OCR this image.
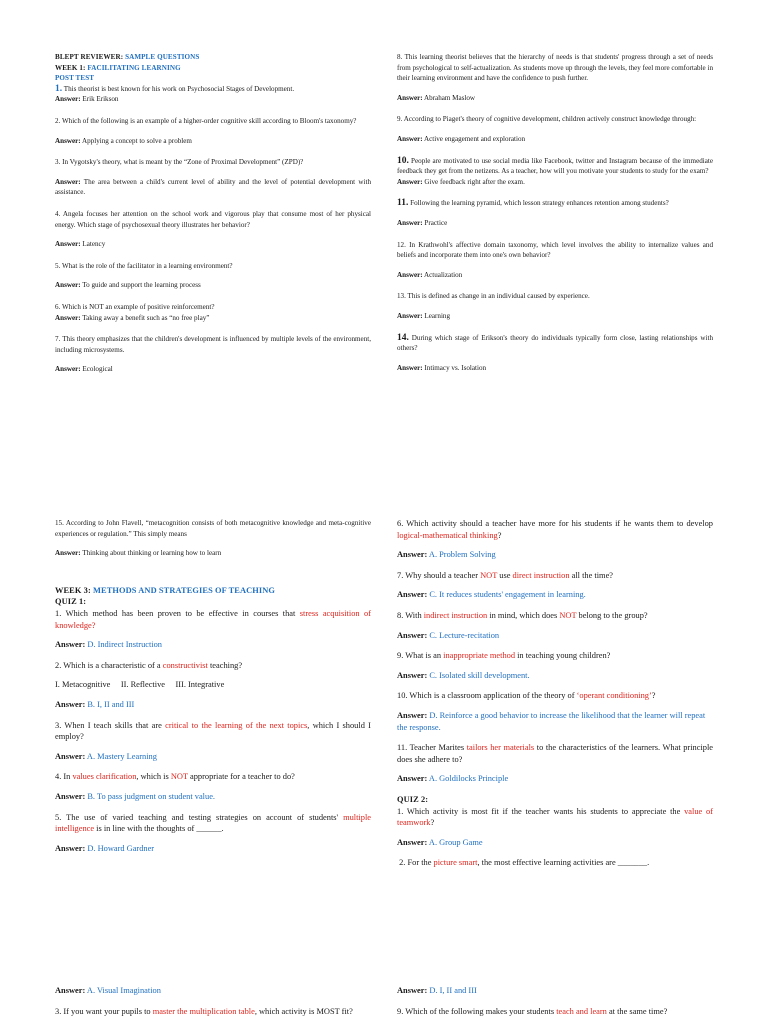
BLEPT REVIEWER: SAMPLE QUESTIONS

WEEK 1: FACILITATING LEARNING

POST TEST

1. This theorist is best known for his work on Psychosocial Stages of Development.

Answer: Erik Erikson

2. Which of the following is an example of a higher-order cognitive skill according to Bloom's taxonomy?

Answer: Applying a concept to solve a problem

3. In Vygotsky's theory, what is meant by the “Zone of Proximal Development” (ZPD)?

Answer: The area between a child's current level of ability and the level of potential development with assistance.

4. Angela focuses her attention on the school work and vigorous play that consume most of her physical energy. Which stage of psychosexual theory illustrates her behavior?

Answer: Latency

5. What is the role of the facilitator in a learning environment?

Answer: To guide and support the learning process

6. Which is NOT an example of positive reinforcement?

Answer: Taking away a benefit such as “no free play”

7. This theory emphasizes that the children's development is influenced by multiple levels of the environment, including microsystems.

Answer: Ecological

8. This learning theorist believes that the hierarchy of needs is that students' progress through a set of needs from psychological to self-actualization. As students move up through the levels, they feel more comfortable in their learning environment and have the confidence to push further.

Answer: Abraham Maslow

9. According to Piaget's theory of cognitive development, children actively construct knowledge through:

Answer: Active engagement and exploration

10. People are motivated to use social media like Facebook, twitter and Instagram because of the immediate feedback they get from the netizens. As a teacher, how will you motivate your students to study for the exam?

Answer: Give feedback right after the exam.

11. Following the learning pyramid, which lesson strategy enhances retention among students?

Answer: Practice

12. In Krathwohl's affective domain taxonomy, which level involves the ability to internalize values and beliefs and incorporate them into one's own behavior?

Answer: Actualization

13. This is defined as change in an individual caused by experience.

Answer: Learning

14. During which stage of Erikson's theory do individuals typically form close, lasting relationships with others?

Answer: Intimacy vs. Isolation

15. According to John Flavell, “metacognition consists of both metacognitive knowledge and meta-cognitive experiences or regulation.” This simply means

Answer: Thinking about thinking or learning how to learn

WEEK 3: METHODS AND STRATEGIES OF TEACHING

QUIZ 1:

1. Which method has been proven to be effective in courses that stress acquisition of knowledge?

Answer: D. Indirect Instruction

2. Which is a characteristic of a constructivist teaching?

I. Metacognitive     II. Reflective     III. Integrative

Answer: B. I, II and III

3. When I teach skills that are critical to the learning of the next topics, which I should I employ?

Answer: A. Mastery Learning

4. In values clarification, which is NOT appropriate for a teacher to do?

Answer: B. To pass judgment on student value.

5. The use of varied teaching and testing strategies on account of students' multiple intelligence is in line with the thoughts of ______.

Answer: D. Howard Gardner

6. Which activity should a teacher have more for his students if he wants them to develop logical-mathematical thinking?

Answer: A. Problem Solving

7. Why should a teacher NOT use direct instruction all the time?

Answer: C. It reduces students' engagement in learning.

8. With indirect instruction in mind, which does NOT belong to the group?

Answer: C. Lecture-recitation

9. What is an inappropriate method in teaching young children?

Answer: C. Isolated skill development.

10. Which is a classroom application of the theory of ‘operant conditioning’?

Answer: D. Reinforce a good behavior to increase the likelihood that the learner will repeat the response.

11. Teacher Marites tailors her materials to the characteristics of the learners. What principle does she adhere to?

Answer: A. Goldilocks Principle

QUIZ 2:

1. Which activity is most fit if the teacher wants his students to appreciate the value of teamwork?

Answer: A. Group Game

2. For the picture smart, the most effective learning activities are _______.

Answer: A. Visual Imagination

3. If you want your pupils to master the multiplication table, which activity is MOST fit?

Answer: D. I, II and III

9. Which of the following makes your students teach and learn at the same time?
